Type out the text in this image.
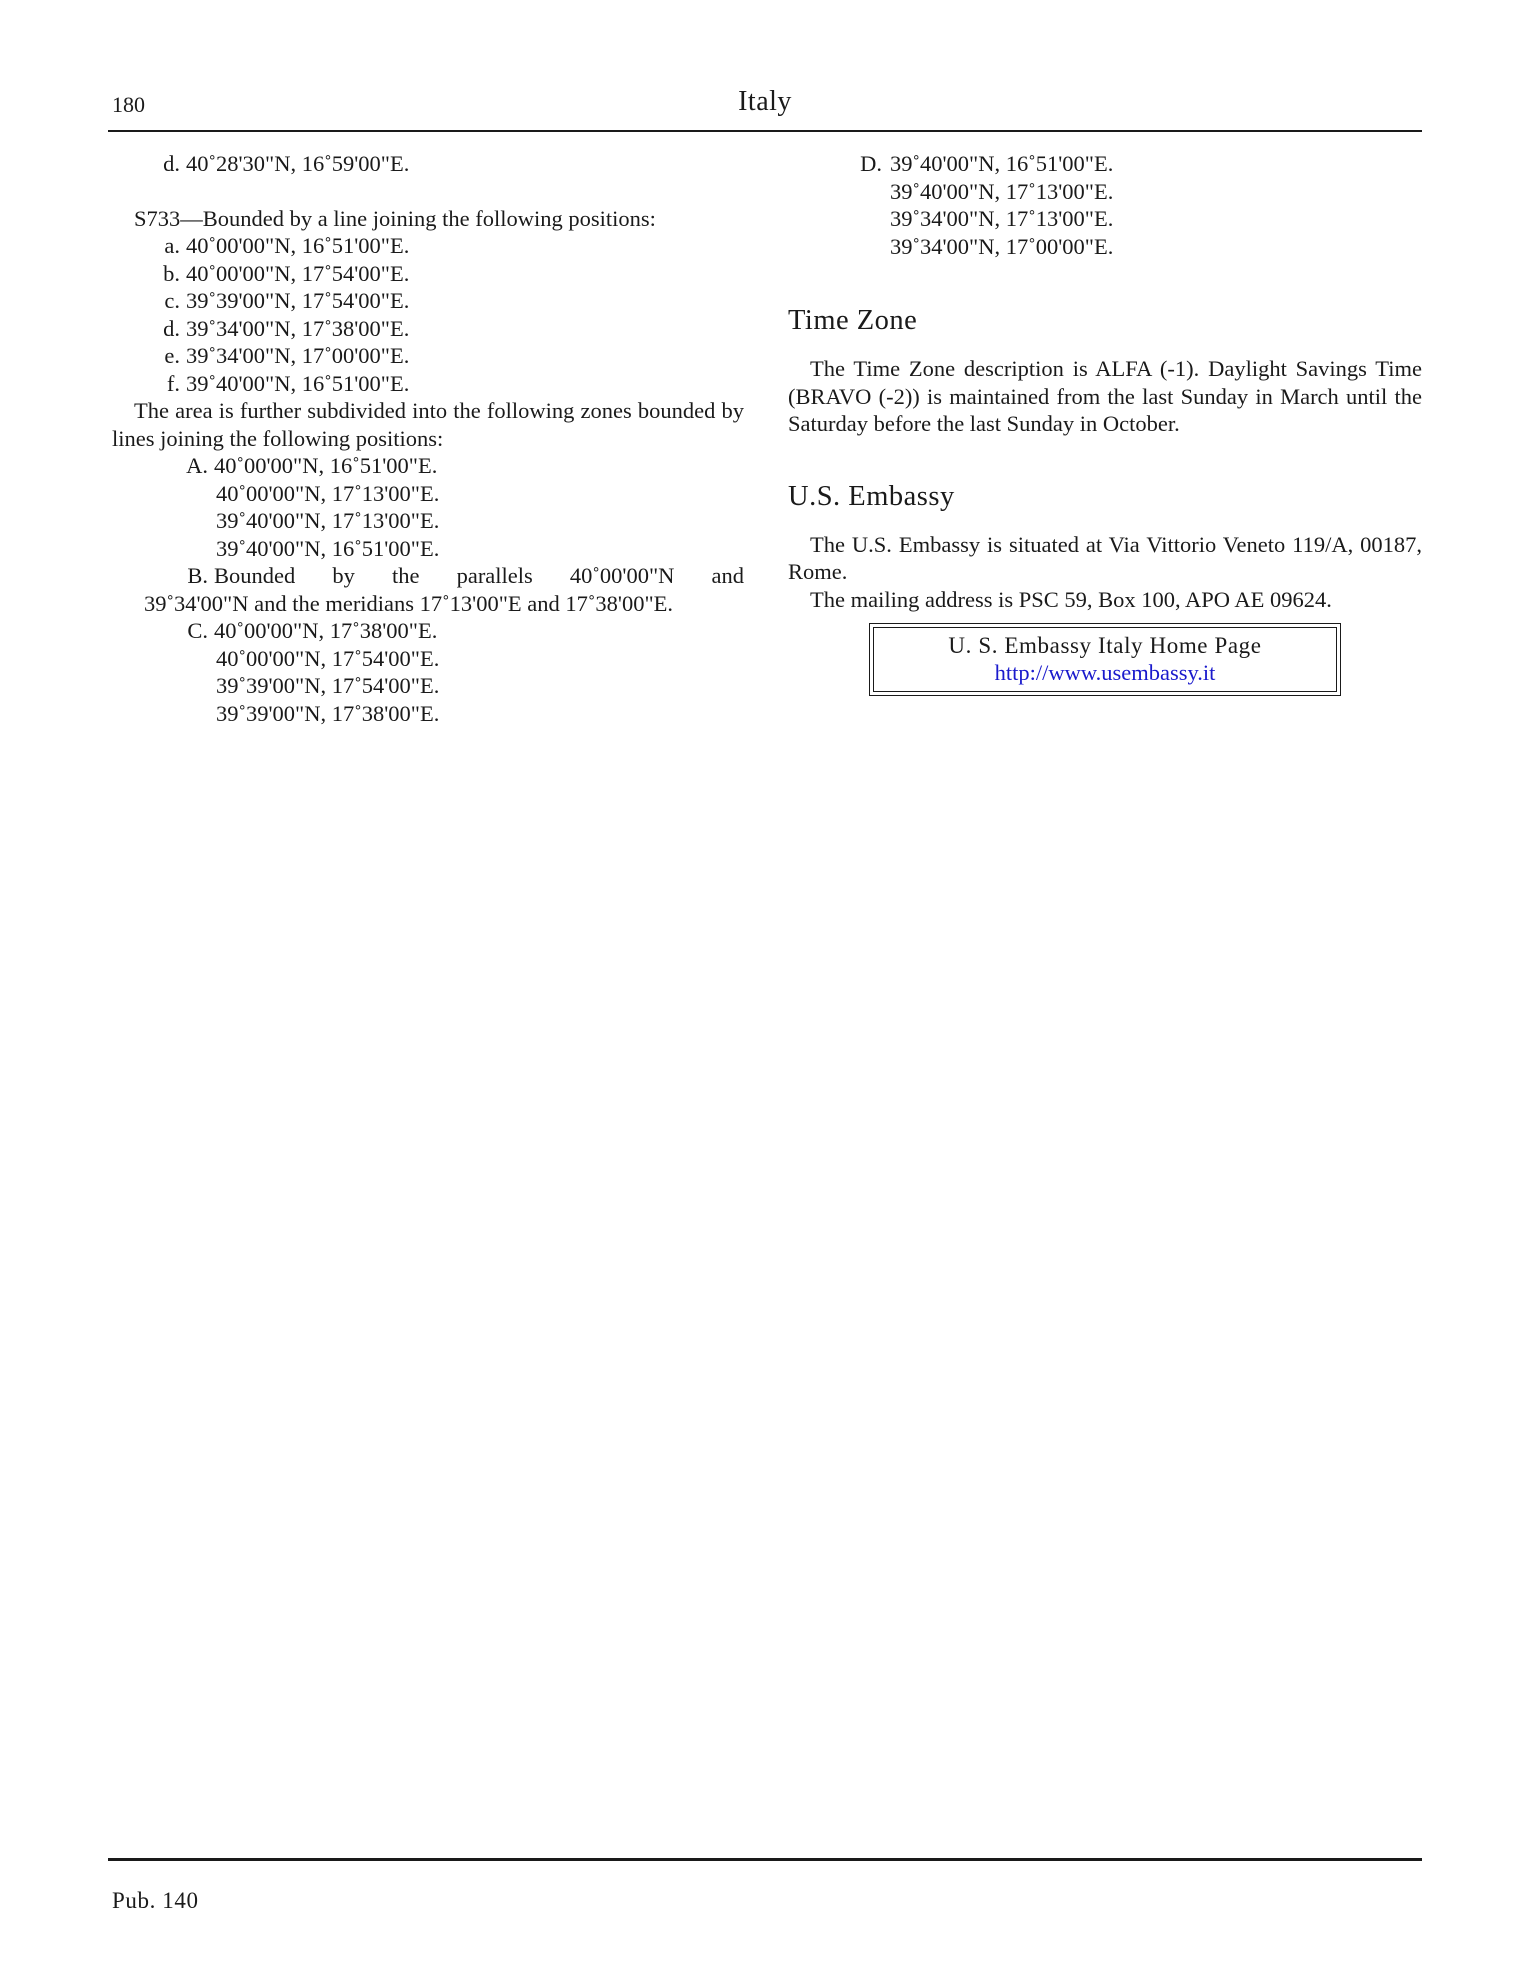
180	Italy
d. 40˚28'30"N, 16˚59'00"E.
S733—Bounded by a line joining the following positions:
a. 40˚00'00"N, 16˚51'00"E.
b. 40˚00'00"N, 17˚54'00"E.
c. 39˚39'00"N, 17˚54'00"E.
d. 39˚34'00"N, 17˚38'00"E.
e. 39˚34'00"N, 17˚00'00"E.
f. 39˚40'00"N, 16˚51'00"E.
The area is further subdivided into the following zones bounded by lines joining the following positions:
A. 40˚00'00"N, 16˚51'00"E.
40˚00'00"N, 17˚13'00"E.
39˚40'00"N, 17˚13'00"E.
39˚40'00"N, 16˚51'00"E.
B. Bounded by the parallels 40˚00'00"N and
39˚34'00"N and the meridians 17˚13'00"E and 17˚38'00"E.
C. 40˚00'00"N, 17˚38'00"E.
40˚00'00"N, 17˚54'00"E.
39˚39'00"N, 17˚54'00"E.
39˚39'00"N, 17˚38'00"E.
D. 39˚40'00"N, 16˚51'00"E.
39˚40'00"N, 17˚13'00"E.
39˚34'00"N, 17˚13'00"E.
39˚34'00"N, 17˚00'00"E.
Time Zone
The Time Zone description is ALFA (-1). Daylight Savings Time (BRAVO (-2)) is maintained from the last Sunday in March until the Saturday before the last Sunday in October.
U.S. Embassy
The U.S. Embassy is situated at Via Vittorio Veneto 119/A, 00187, Rome.
The mailing address is PSC 59, Box 100, APO AE 09624.
U. S. Embassy Italy Home Page
http://www.usembassy.it
Pub. 140
